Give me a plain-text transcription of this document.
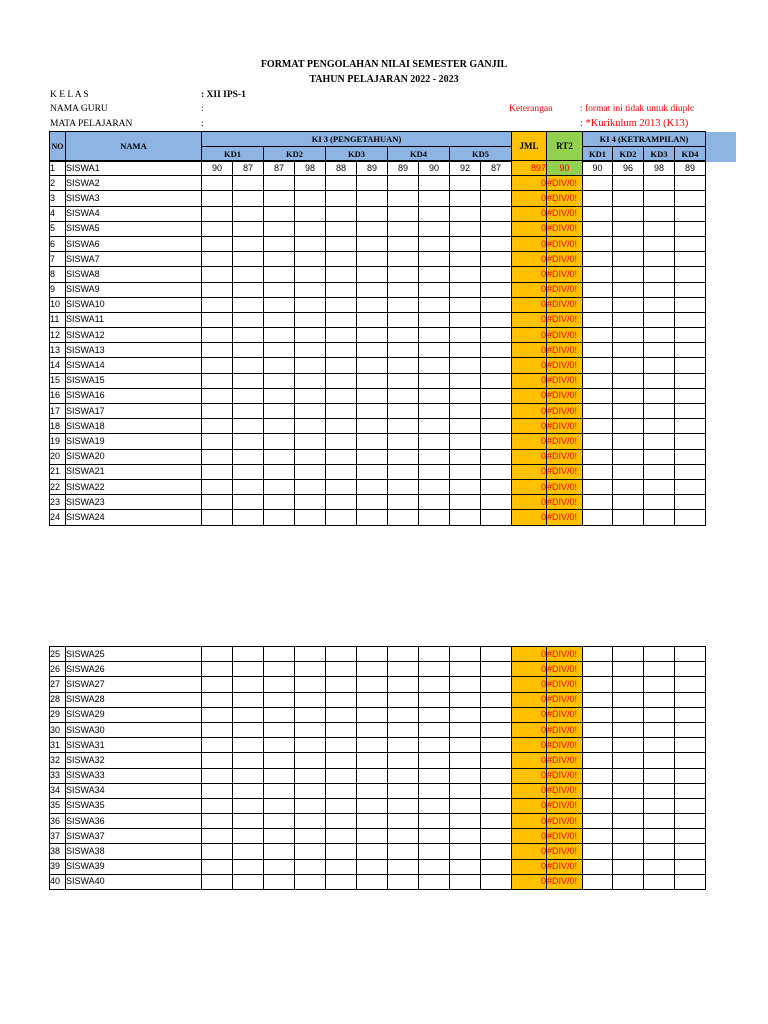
FORMAT PENGOLAHAN NILAI SEMESTER GANJIL
TAHUN PELAJARAN 2022 - 2023
K E L A S	: XII IPS-1
NAMA GURU	:
MATA PELAJARAN	:
Keterangan	: format ini tidak untuk diuplc
: *Kurikulum 2013 (K13)
NO	NAMA	KI 3 (PENGETAHUAN)					JML	RT2	KI 4 (KETRAMPILAN)				
		KD1	KD2	KD3	KD4	KD5			KD1	KD2	KD3	KD4	
1	SISWA1	90	87	87	98	88	89	89	90	92	87	897	90	90	96	98	89
2	SISWA2											0	#DIV/0!				
3	SISWA3											0	#DIV/0!				
4	SISWA4											0	#DIV/0!				
5	SISWA5											0	#DIV/0!				
6	SISWA6											0	#DIV/0!				
7	SISWA7											0	#DIV/0!				
8	SISWA8											0	#DIV/0!				
9	SISWA9											0	#DIV/0!				
10	SISWA10											0	#DIV/0!				
11	SISWA11											0	#DIV/0!				
12	SISWA12											0	#DIV/0!				
13	SISWA13											0	#DIV/0!				
14	SISWA14											0	#DIV/0!				
15	SISWA15											0	#DIV/0!				
16	SISWA16											0	#DIV/0!				
17	SISWA17											0	#DIV/0!				
18	SISWA18											0	#DIV/0!				
19	SISWA19											0	#DIV/0!				
20	SISWA20											0	#DIV/0!				
21	SISWA21											0	#DIV/0!				
22	SISWA22											0	#DIV/0!				
23	SISWA23											0	#DIV/0!				
24	SISWA24											0	#DIV/0!				
25	SISWA25											0	#DIV/0!				
26	SISWA26											0	#DIV/0!				
27	SISWA27											0	#DIV/0!				
28	SISWA28											0	#DIV/0!				
29	SISWA29											0	#DIV/0!				
30	SISWA30											0	#DIV/0!				
31	SISWA31											0	#DIV/0!				
32	SISWA32											0	#DIV/0!				
33	SISWA33											0	#DIV/0!				
34	SISWA34											0	#DIV/0!				
35	SISWA35											0	#DIV/0!				
36	SISWA36											0	#DIV/0!				
37	SISWA37											0	#DIV/0!				
38	SISWA38											0	#DIV/0!				
39	SISWA39											0	#DIV/0!				
40	SISWA40											0	#DIV/0!				
